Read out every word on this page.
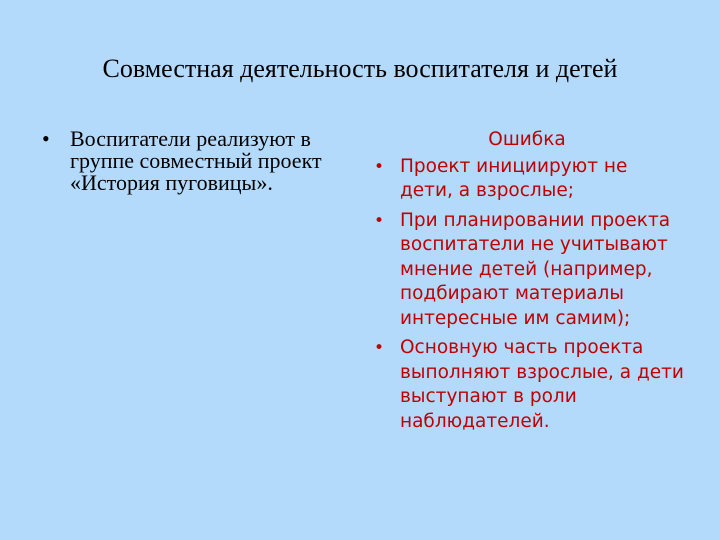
Совместная деятельность воспитателя и детей
• Воспитатели реализуют в группе совместный проект «История пуговицы».
Ошибка
• Проект инициируют не дети, а взрослые;
• При планировании проекта воспитатели не учитывают мнение детей (например, подбирают материалы интересные им самим);
• Основную часть проекта выполняют взрослые, а дети выступают в роли наблюдателей.
